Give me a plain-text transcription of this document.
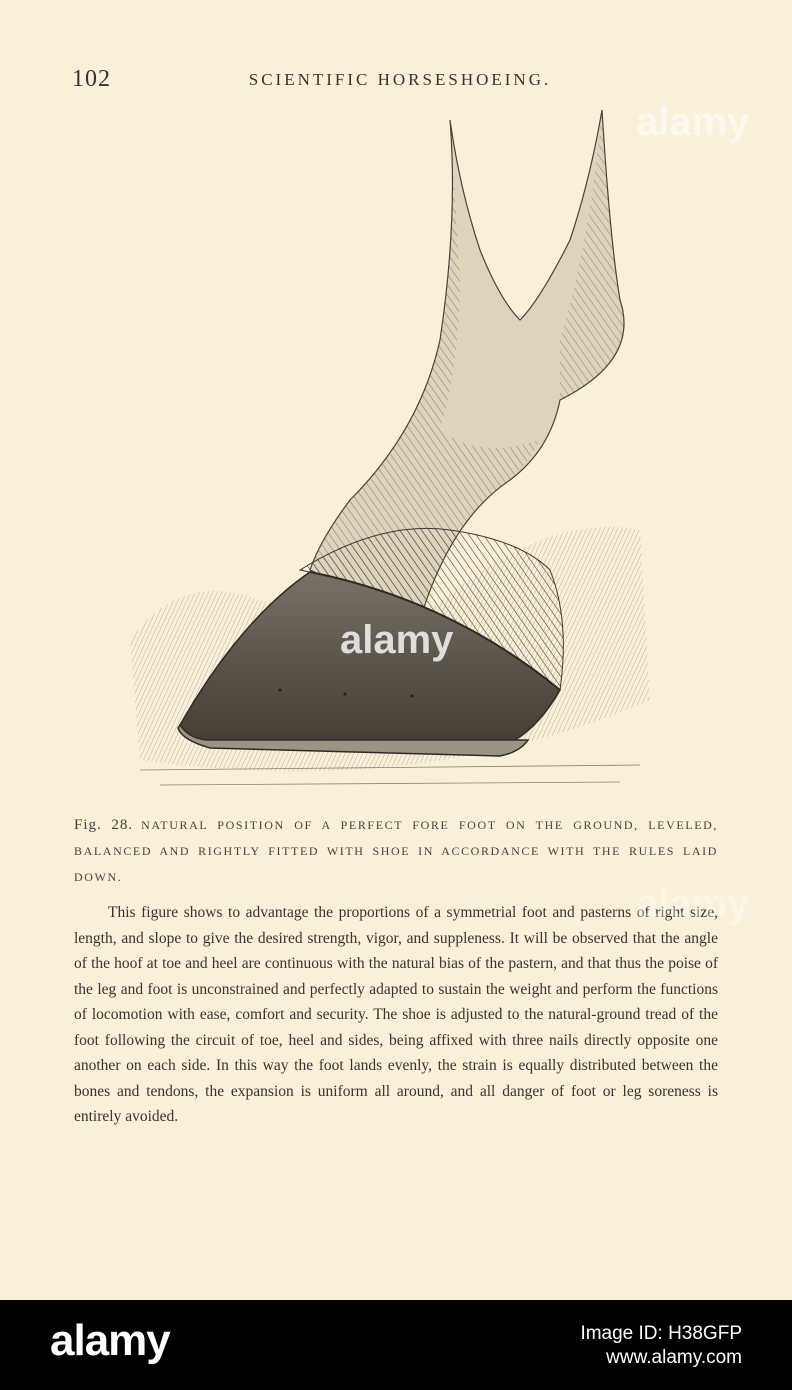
102	SCIENTIFIC HORSESHOEING.
alamy
alamy
Fig. 28. NATURAL POSITION OF A PERFECT FORE FOOT ON THE GROUND, LEVELED, BALANCED AND RIGHTLY FITTED WITH SHOE IN ACCORDANCE WITH THE RULES LAID DOWN.
This figure shows to advantage the proportions of a symmetrial foot and pasterns of right size, length, and slope to give the desired strength, vigor, and suppleness. It will be observed that the angle of the hoof at toe and heel are continuous with the natural bias of the pastern, and that thus the poise of the leg and foot is unconstrained and perfectly adapted to sustain the weight and perform the functions of locomotion with ease, comfort and security. The shoe is adjusted to the natural-ground tread of the foot following the circuit of toe, heel and sides, being affixed with three nails directly opposite one another on each side. In this way the foot lands evenly, the strain is equally distributed between the bones and tendons, the expansion is uniform all around, and all danger of foot or leg soreness is entirely avoided.
alamy
alamy	Image ID: H38GFP
www.alamy.com
